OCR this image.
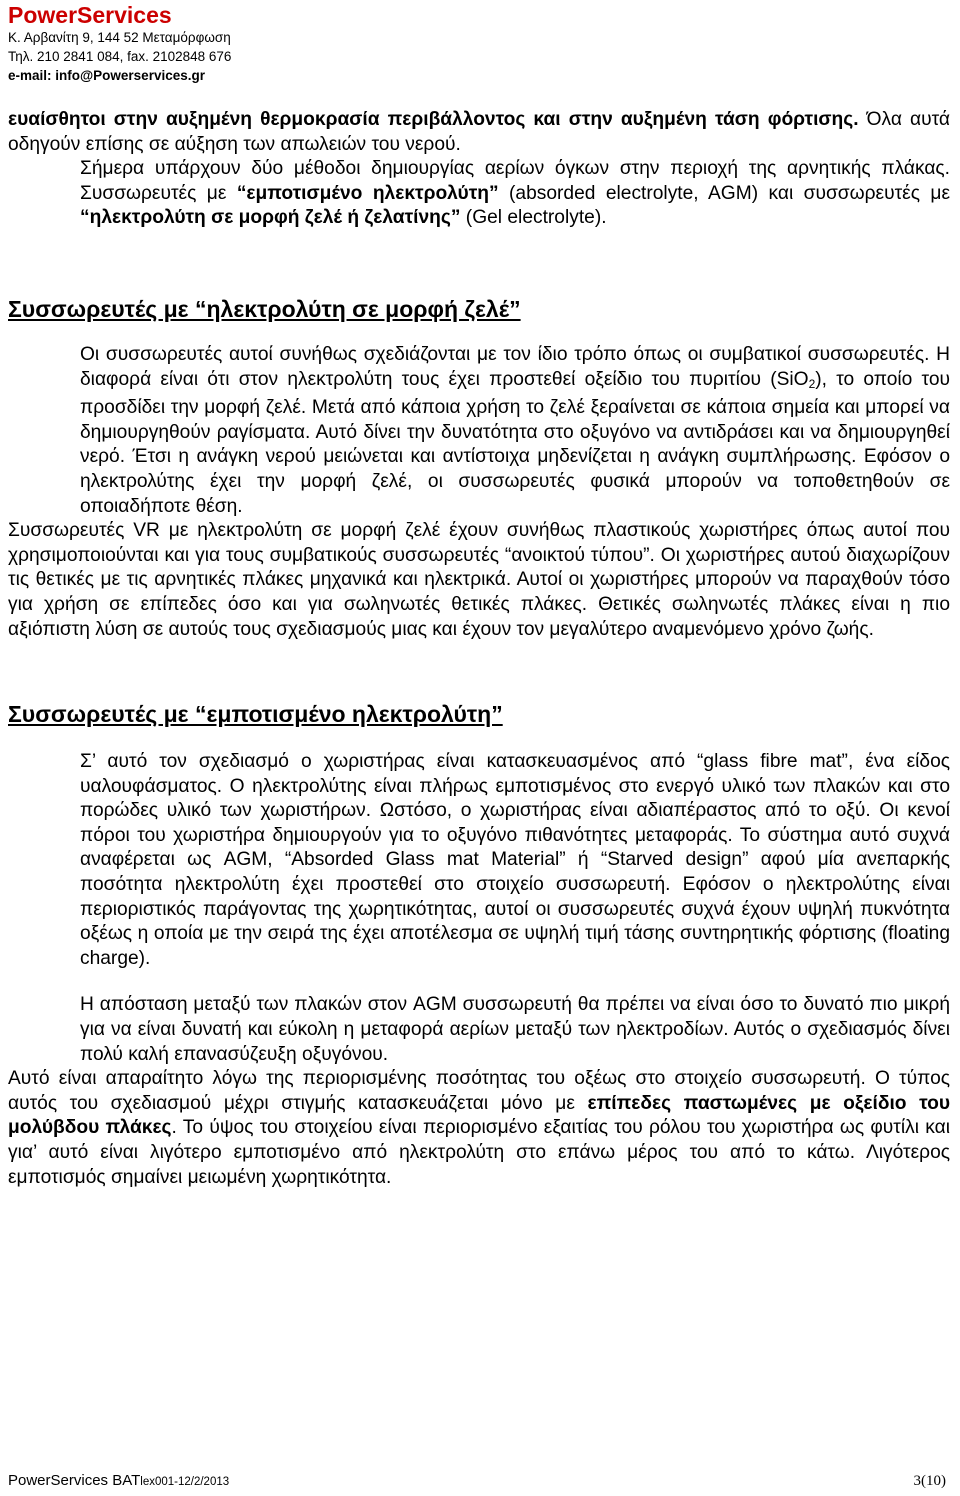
PowerServices
Κ. Αρβανίτη 9, 144 52 Μεταμόρφωση
Τηλ. 210 2841 084, fax. 2102848 676
e-mail: info@Powerservices.gr

ευαίσθητοι στην αυξημένη θερμοκρασία περιβάλλοντος και στην αυξημένη τάση φόρτισης. Όλα αυτά οδηγούν επίσης σε αύξηση των απωλειών του νερού.

Σήμερα υπάρχουν δύο μέθοδοι δημιουργίας αερίων όγκων στην περιοχή της αρνητικής πλάκας. Συσσωρευτές με “εμποτισμένο ηλεκτρολύτη” (absorded electrolyte, AGM) και συσσωρευτές με “ηλεκτρολύτη σε μορφή ζελέ ή ζελατίνης” (Gel electrolyte).

Συσσωρευτές με “ηλεκτρολύτη σε μορφή ζελέ”

Οι συσσωρευτές αυτοί συνήθως σχεδιάζονται με τον ίδιο τρόπο όπως οι συμβατικοί συσσωρευτές. Η διαφορά είναι ότι στον ηλεκτρολύτη τους έχει προστεθεί οξείδιο του πυριτίου (SiO$_2$), το οποίο του προσδίδει την μορφή ζελέ. Μετά από κάποια χρήση το ζελέ ξεραίνεται σε κάποια σημεία και μπορεί να δημιουργηθούν ραγίσματα. Αυτό δίνει την δυνατότητα στο οξυγόνο να αντιδράσει και να δημιουργηθεί νερό. Έτσι η ανάγκη νερού μειώνεται και αντίστοιχα μηδενίζεται η ανάγκη συμπλήρωσης. Εφόσον ο ηλεκτρολύτης έχει την μορφή ζελέ, οι συσσωρευτές φυσικά μπορούν να τοποθετηθούν σε οποιαδήποτε θέση.

Συσσωρευτές VR με ηλεκτρολύτη σε μορφή ζελέ έχουν συνήθως πλαστικούς χωριστήρες όπως αυτοί που χρησιμοποιούνται και για τους συμβατικούς συσσωρευτές “ανοικτού τύπου”. Οι χωριστήρες αυτού διαχωρίζουν τις θετικές με τις αρνητικές πλάκες μηχανικά και ηλεκτρικά. Αυτοί οι χωριστήρες μπορούν να παραχθούν τόσο για χρήση σε επίπεδες όσο και για σωληνωτές θετικές πλάκες. Θετικές σωληνωτές πλάκες είναι η πιο αξιόπιστη λύση σε αυτούς τους σχεδιασμούς μιας και έχουν τον μεγαλύτερο αναμενόμενο χρόνο ζωής.

Συσσωρευτές με “εμποτισμένο ηλεκτρολύτη”

Σ’ αυτό τον σχεδιασμό ο χωριστήρας είναι κατασκευασμένος από “glass fibre mat”, ένα είδος υαλουφάσματος. Ο ηλεκτρολύτης είναι πλήρως εμποτισμένος στο ενεργό υλικό των πλακών και στο πορώδες υλικό των χωριστήρων. Ωστόσο, ο χωριστήρας είναι αδιαπέραστος από το οξύ. Οι κενοί πόροι του χωριστήρα δημιουργούν για το οξυγόνο πιθανότητες μεταφοράς. Το σύστημα αυτό συχνά αναφέρεται ως AGM, “Absorded Glass mat Material” ή “Starved design” αφού μία ανεπαρκής ποσότητα ηλεκτρολύτη έχει προστεθεί στο στοιχείο συσσωρευτή. Εφόσον ο ηλεκτρολύτης είναι περιοριστικός παράγοντας της χωρητικότητας, αυτοί οι συσσωρευτές συχνά έχουν υψηλή πυκνότητα οξέως η οποία με την σειρά της έχει αποτέλεσμα σε υψηλή τιμή τάσης συντηρητικής φόρτισης (floating charge).

Η απόσταση μεταξύ των πλακών στον AGM συσσωρευτή θα πρέπει να είναι όσο το δυνατό πιο μικρή για να είναι δυνατή και εύκολη η μεταφορά αερίων μεταξύ των ηλεκτροδίων. Αυτός ο σχεδιασμός δίνει πολύ καλή επανασύζευξη οξυγόνου.

Αυτό είναι απαραίτητο λόγω της περιορισμένης ποσότητας του οξέως στο στοιχείο συσσωρευτή. Ο τύπος αυτός του σχεδιασμού μέχρι στιγμής κατασκευάζεται μόνο με επίπεδες παστωμένες με οξείδιο του μολύβδου πλάκες. Το ύψος του στοιχείου είναι περιορισμένο εξαιτίας του ρόλου του χωριστήρα ως φυτίλι και για’ αυτό είναι λιγότερο εμποτισμένο από ηλεκτρολύτη στο επάνω μέρος του από το κάτω. Λιγότερος εμποτισμός σημαίνει μειωμένη χωρητικότητα.

PowerServices BATlex001-12/2/2013	3(10)
